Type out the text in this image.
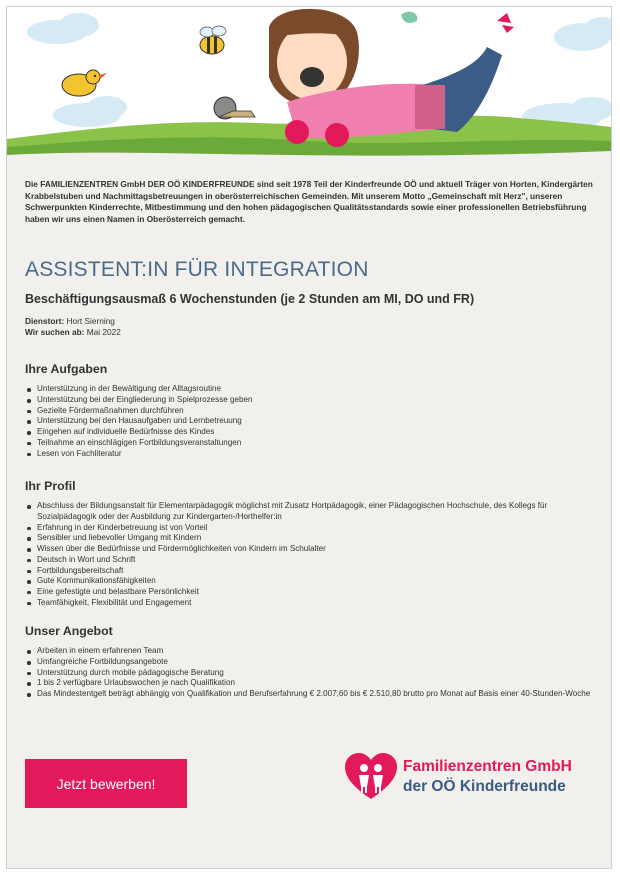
Die FAMILIENZENTREN GmbH DER OÖ KINDERFREUNDE sind seit 1978 Teil der Kinderfreunde OÖ und aktuell Träger von Horten, Kindergärten Krabbelstuben und Nachmittagsbetreuungen in oberösterreichischen Gemeinden. Mit unserem Motto „Gemeinschaft mit Herz", unseren Schwerpunkten Kinderrechte, Mitbestimmung und den hohen pädagogischen Qualitätsstandards sowie einer professionellen Betriebsführung haben wir uns einen Namen in Oberösterreich gemacht.

ASSISTENT:IN FÜR INTEGRATION
Beschäftigungsausmaß 6 Wochenstunden (je 2 Stunden am MI, DO und FR)
Dienstort: Hort Sierning
Wir suchen ab: Mai 2022
Ihre Aufgaben
Unterstützung in der Bewältigung der Alltagsroutine
Unterstützung bei der Eingliederung in Spielprozesse geben
Gezielte Fördermaßnahmen durchführen
Unterstützung bei den Hausaufgaben und Lernbetreuung
Eingehen auf individuelle Bedürfnisse des Kindes
Teilnahme an einschlägigen Fortbildungsveranstaltungen
Lesen von Fachliteratur
Ihr Profil
Abschluss der Bildungsanstalt für Elementarpädagogik möglichst mit Zusatz Hortpädagogik, einer Pädagogischen Hochschule, des Kollegs für Sozialpädagogik oder der Ausbildung zur Kindergarten-/Horthelfer:in
Erfahrung in der Kinderbetreuung ist von Vorteil
Sensibler und liebevoller Umgang mit Kindern
Wissen über die Bedürfnisse und Fördermöglichkeiten von Kindern im Schulalter
Deutsch in Wort und Schrift
Fortbildungsbereitschaft
Gute Kommunikationsfähigkeiten
Eine gefestigte und belastbare Persönlichkeit
Teamfähigkeit, Flexibilität und Engagement
Unser Angebot
Arbeiten in einem erfahrenen Team
Umfangreiche Fortbildungsangebote
Unterstützung durch mobile pädagogische Beratung
1 bis 2 verfügbare Urlaubswochen je nach Qualifikation
Das Mindestentgelt beträgt abhängig von Qualifikation und Berufserfahrung € 2.007,60 bis € 2.510,80 brutto pro Monat auf Basis einer 40-Stunden-Woche
Jetzt bewerben!
Familienzentren GmbH
der OÖ Kinderfreunde
